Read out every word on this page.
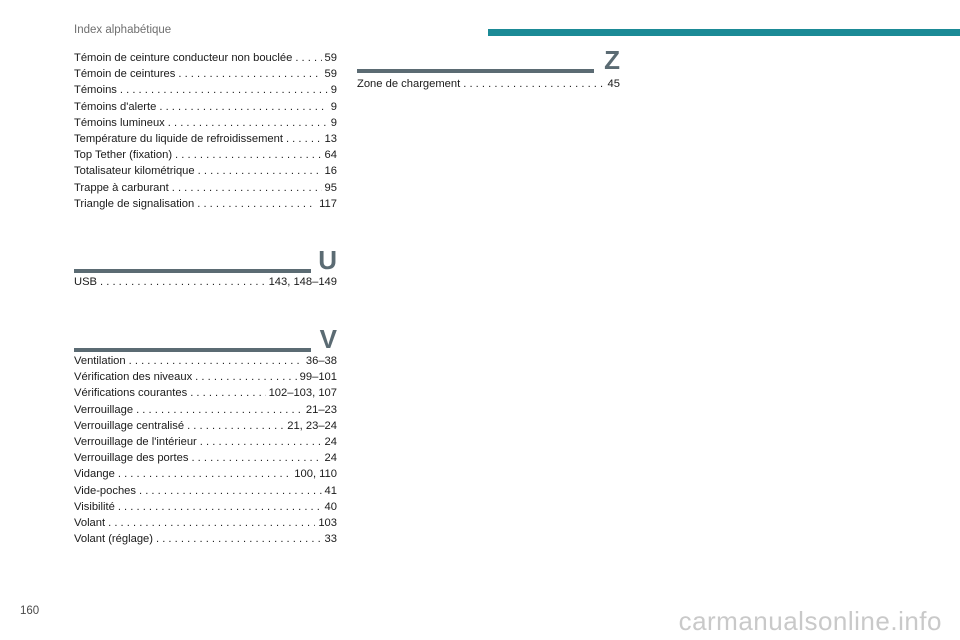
Index alphabétique
Témoin de ceinture conducteur non bouclée . . .	59
Témoin de ceintures . . .	59
Témoins . . .	9
Témoins d'alerte . . .	9
Témoins lumineux . . .	9
Température du liquide de refroidissement . . .	13
Top Tether (fixation) . . .	64
Totalisateur kilométrique . . .	16
Trappe à carburant . . .	95
Triangle de signalisation . . .	117
U
USB . . .	143, 148–149
V
Ventilation . . .	36–38
Vérification des niveaux . . .	99–101
Vérifications courantes . . .	102–103, 107
Verrouillage . . .	21–23
Verrouillage centralisé . . .	21, 23–24
Verrouillage de l'intérieur . . .	24
Verrouillage des portes . . .	24
Vidange . . .	100, 110
Vide-poches . . .	41
Visibilité . . .	40
Volant . . .	103
Volant (réglage) . . .	33
Z
Zone de chargement . . .	45
160	carmanualsonline.info
